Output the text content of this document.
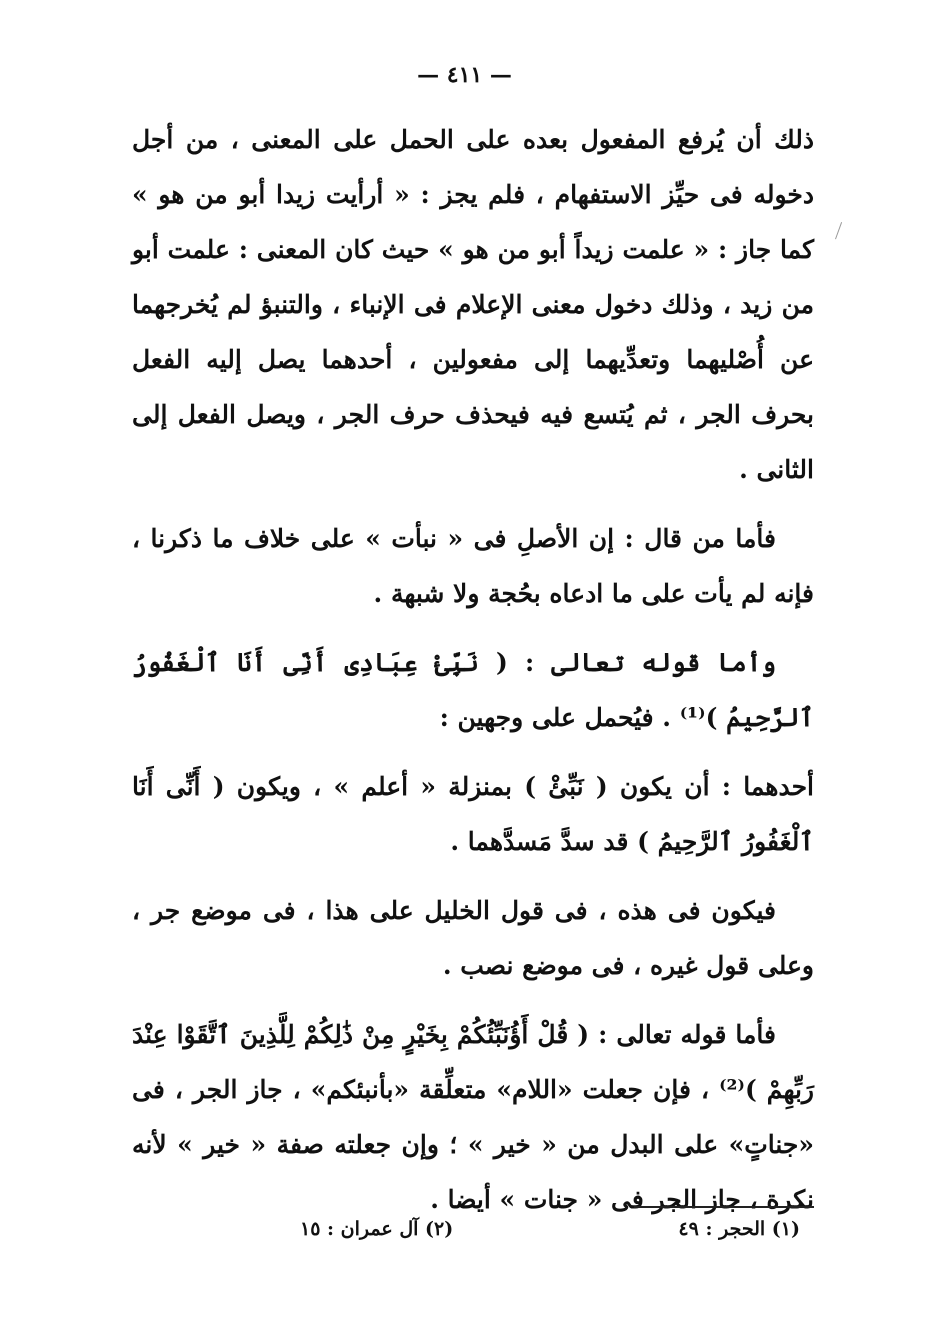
— ٤١١ —

ذلك أن يُرفع المفعول بعده على الحمل على المعنى ، من أجل دخوله فى حيِّز الاستفهام ، فلم يجز : « أرأيت زيدا أبو من هو » كما جاز : « علمت زيداً أبو من هو » حيث كان المعنى : علمت أبو من زيد ، وذلك دخول معنى الإعلام فى الإنباء ، والتنبؤ لم يُخرجهما عن أُصْليهما وتعدِّيهما إلى مفعولين ، أحدهما يصل إليه الفعل بحرف الجر ، ثم يُتسع فيه فيحذف حرف الجر ، ويصل الفعل إلى الثانى .

فأما من قال : إن الأصلِ فى « نبأت » على خلاف ما ذكرنا ، فإنه لم يأت على ما ادعاه بحُجة ولا شبهة .

وأما قوله تعالى : ( نَبِّئْ عِبَادِى أَنِّى أَنَا ٱلْغَفُورُ ٱلرَّحِيمُ )⁽¹⁾ . فيُحمل على وجهين :

أحدهما : أن يكون ( نَبِّئْ ) بمنزلة « أعلم » ، ويكون ( أَنِّى أَنَا ٱلْغَفُورُ ٱلرَّحِيمُ ) قد سدَّ مَسدَّهما .

فيكون فى هذه ، فى قول الخليل على هذا ، فى موضع جر ، وعلى قول غيره ، فى موضع نصب .

فأما قوله تعالى : ( قُلْ أَؤُنَبِّئُكُمْ بِخَيْرٍ مِنْ ذَٰلِكُمْ لِلَّذِينَ ٱتَّقَوْا عِنْدَ رَبِّهِمْ )⁽²⁾ ، فإن جعلت «اللام» متعلِّقة «بأنبئكم» ، جاز الجر ، فى «جناتٍ» على البدل من « خير » ؛ وإن جعلته صفة « خير » لأنه نكرة ، جاز الجر فى « جنات » أيضا .

(١) الحجر : ٤٩
(٢) آل عمران : ١٥
